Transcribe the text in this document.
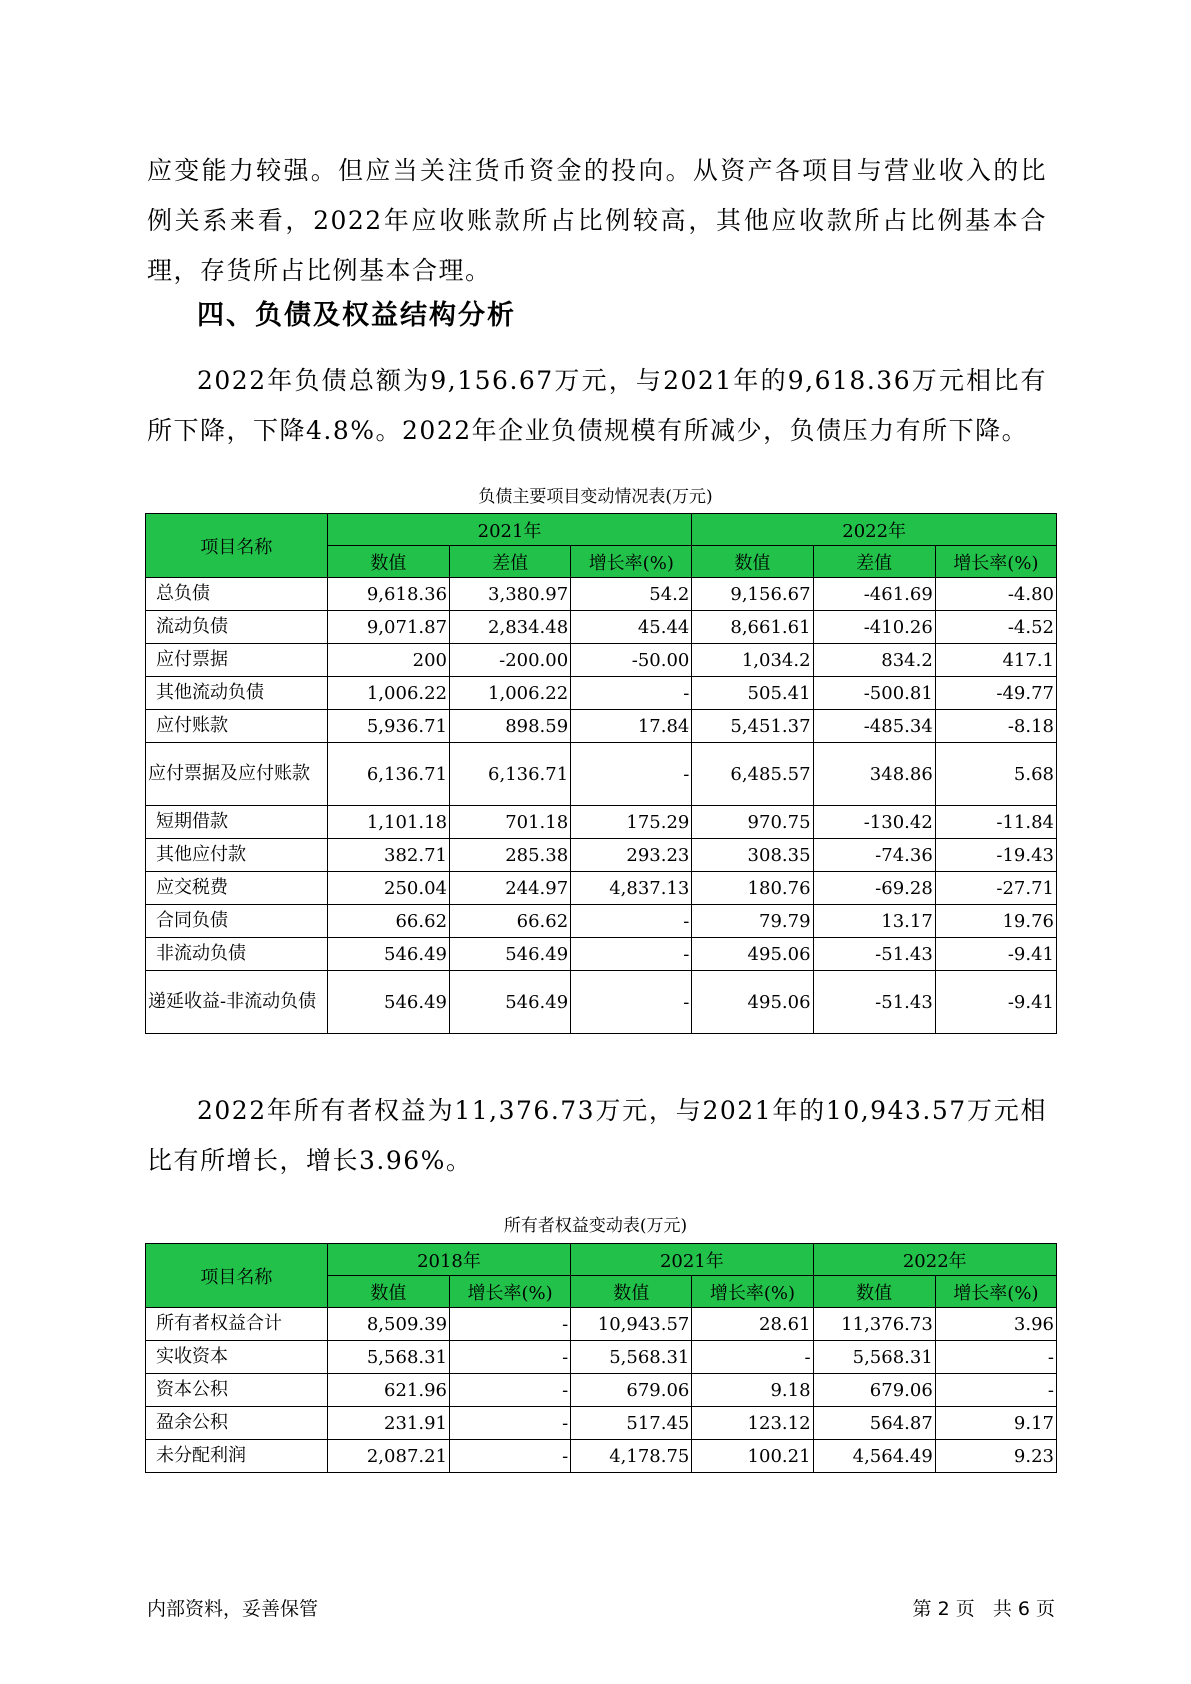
应变能力较强。但应当关注货币资金的投向。从资产各项目与营业收入的比例关系来看，2022年应收账款所占比例较高，其他应收款所占比例基本合理，存货所占比例基本合理。

四、负债及权益结构分析

2022年负债总额为9,156.67万元，与2021年的9,618.36万元相比有所下降，下降4.8%。2022年企业负债规模有所减少，负债压力有所下降。

负债主要项目变动情况表(万元)
项目名称	2021年			2022年		
	数值	差值	增长率(%)	数值	差值	增长率(%)
总负债	9,618.36	3,380.97	54.2	9,156.67	-461.69	-4.80
流动负债	9,071.87	2,834.48	45.44	8,661.61	-410.26	-4.52
应付票据	200	-200.00	-50.00	1,034.2	834.2	417.1
其他流动负债	1,006.22	1,006.22	-	505.41	-500.81	-49.77
应付账款	5,936.71	898.59	17.84	5,451.37	-485.34	-8.18
应付票据及应付账款	6,136.71	6,136.71	-	6,485.57	348.86	5.68
短期借款	1,101.18	701.18	175.29	970.75	-130.42	-11.84
其他应付款	382.71	285.38	293.23	308.35	-74.36	-19.43
应交税费	250.04	244.97	4,837.13	180.76	-69.28	-27.71
合同负债	66.62	66.62	-	79.79	13.17	19.76
非流动负债	546.49	546.49	-	495.06	-51.43	-9.41
递延收益-非流动负债	546.49	546.49	-	495.06	-51.43	-9.41

2022年所有者权益为11,376.73万元，与2021年的10,943.57万元相比有所增长，增长3.96%。

所有者权益变动表(万元)
项目名称	2018年		2021年		2022年	
	数值	增长率(%)	数值	增长率(%)	数值	增长率(%)
所有者权益合计	8,509.39	-	10,943.57	28.61	11,376.73	3.96
实收资本	5,568.31	-	5,568.31	-	5,568.31	-
资本公积	621.96	-	679.06	9.18	679.06	-
盈余公积	231.91	-	517.45	123.12	564.87	9.17
未分配利润	2,087.21	-	4,178.75	100.21	4,564.49	9.23
内部资料，妥善保管	第 2 页   共 6 页
